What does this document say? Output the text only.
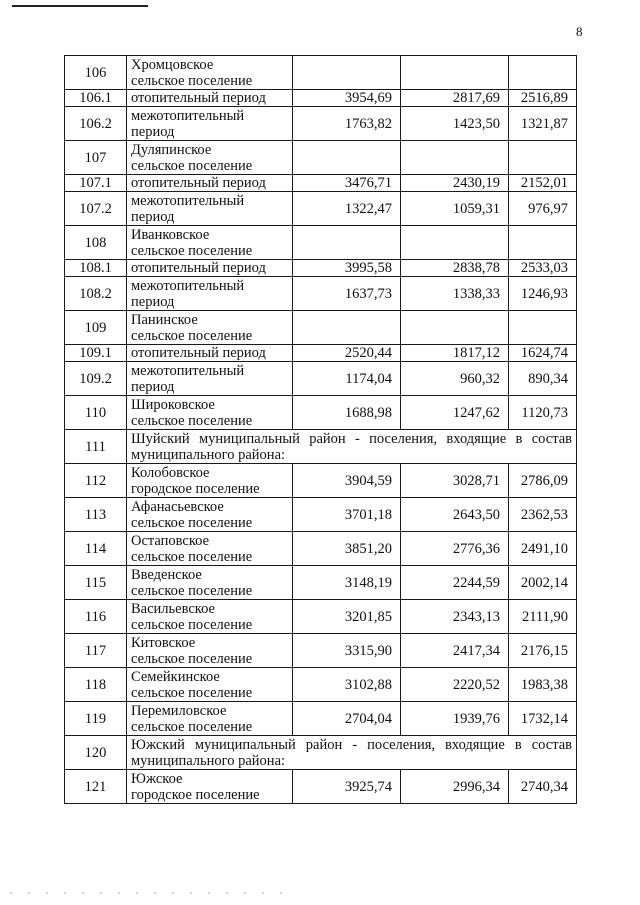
8
106	Хромцовское
сельское поселение			
106.1	отопительный период	3954,69	2817,69	2516,89
106.2	межотопительный
период	1763,82	1423,50	1321,87
107	Дуляпинское
сельское поселение			
107.1	отопительный период	3476,71	2430,19	2152,01
107.2	межотопительный
период	1322,47	1059,31	976,97
108	Иванковское
сельское поселение			
108.1	отопительный период	3995,58	2838,78	2533,03
108.2	межотопительный
период	1637,73	1338,33	1246,93
109	Панинское
сельское поселение			
109.1	отопительный период	2520,44	1817,12	1624,74
109.2	межотопительный
период	1174,04	960,32	890,34
110	Широковское
сельское поселение	1688,98	1247,62	1120,73
111	Шуйский муниципальный район - поселения, входящие в состав муниципального района:			
112	Колобовское
городское поселение	3904,59	3028,71	2786,09
113	Афанасьевское
сельское поселение	3701,18	2643,50	2362,53
114	Остаповское
сельское поселение	3851,20	2776,36	2491,10
115	Введенское
сельское поселение	3148,19	2244,59	2002,14
116	Васильевское
сельское поселение	3201,85	2343,13	2111,90
117	Китовское
сельское поселение	3315,90	2417,34	2176,15
118	Семейкинское
сельское поселение	3102,88	2220,52	1983,38
119	Перемиловское
сельское поселение	2704,04	1939,76	1732,14
120	Южский муниципальный район - поселения, входящие в состав муниципального района:			
121	Южское
городское поселение	3925,74	2996,34	2740,34
